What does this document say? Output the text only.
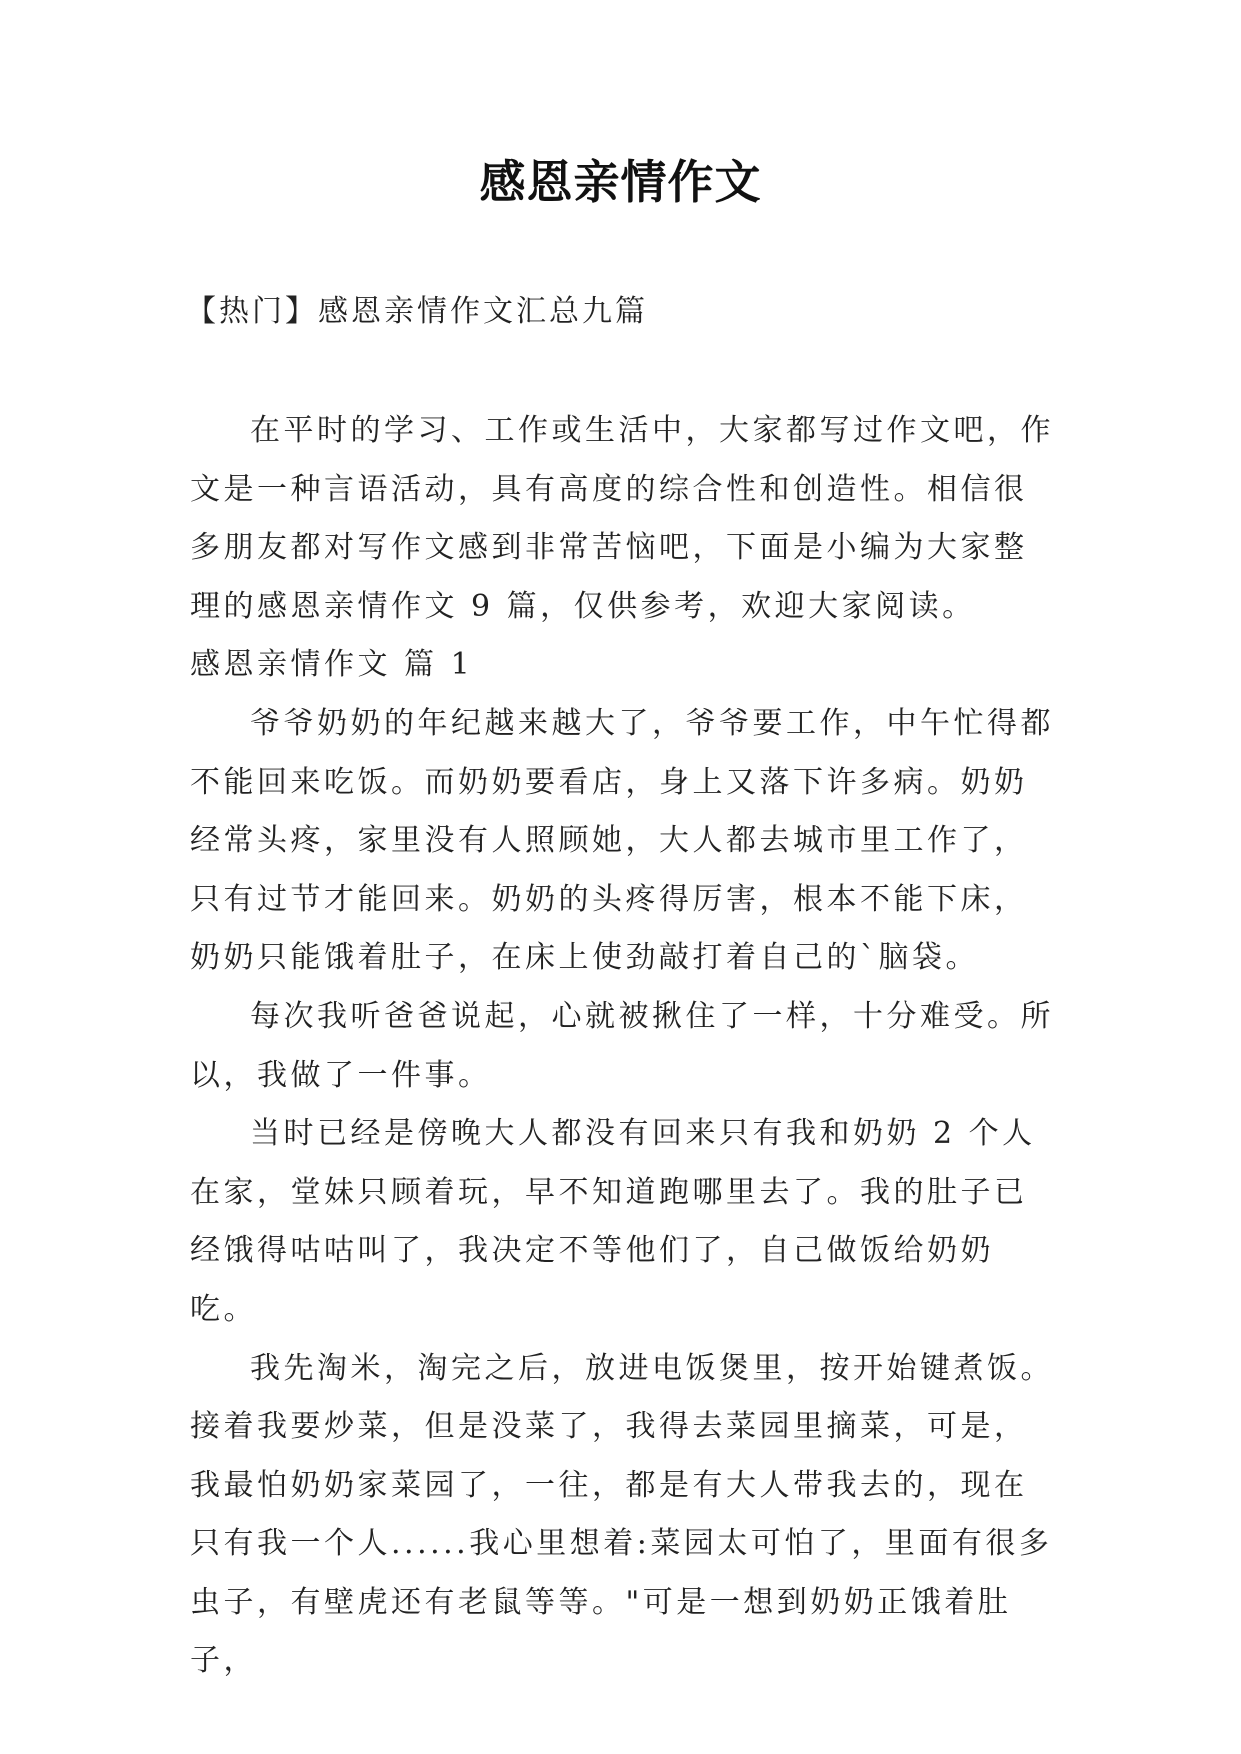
感恩亲情作文
【热门】感恩亲情作文汇总九篇

在平时的学习、工作或生活中，大家都写过作文吧，作文是一种言语活动，具有高度的综合性和创造性。相信很多朋友都对写作文感到非常苦恼吧，下面是小编为大家整理的感恩亲情作文 9 篇，仅供参考，欢迎大家阅读。

感恩亲情作文 篇 1

爷爷奶奶的年纪越来越大了，爷爷要工作，中午忙得都不能回来吃饭。而奶奶要看店，身上又落下许多病。奶奶经常头疼，家里没有人照顾她，大人都去城市里工作了，只有过节才能回来。奶奶的头疼得厉害，根本不能下床，奶奶只能饿着肚子，在床上使劲敲打着自己的`脑袋。

每次我听爸爸说起，心就被揪住了一样，十分难受。所以，我做了一件事。

当时已经是傍晚大人都没有回来只有我和奶奶 2 个人在家，堂妹只顾着玩，早不知道跑哪里去了。我的肚子已经饿得咕咕叫了，我决定不等他们了，自己做饭给奶奶吃。

我先淘米，淘完之后，放进电饭煲里，按开始键煮饭。接着我要炒菜，但是没菜了，我得去菜园里摘菜，可是，我最怕奶奶家菜园了，一往，都是有大人带我去的，现在只有我一个人......我心里想着:菜园太可怕了，里面有很多虫子，有壁虎还有老鼠等等。"可是一想到奶奶正饿着肚子，
